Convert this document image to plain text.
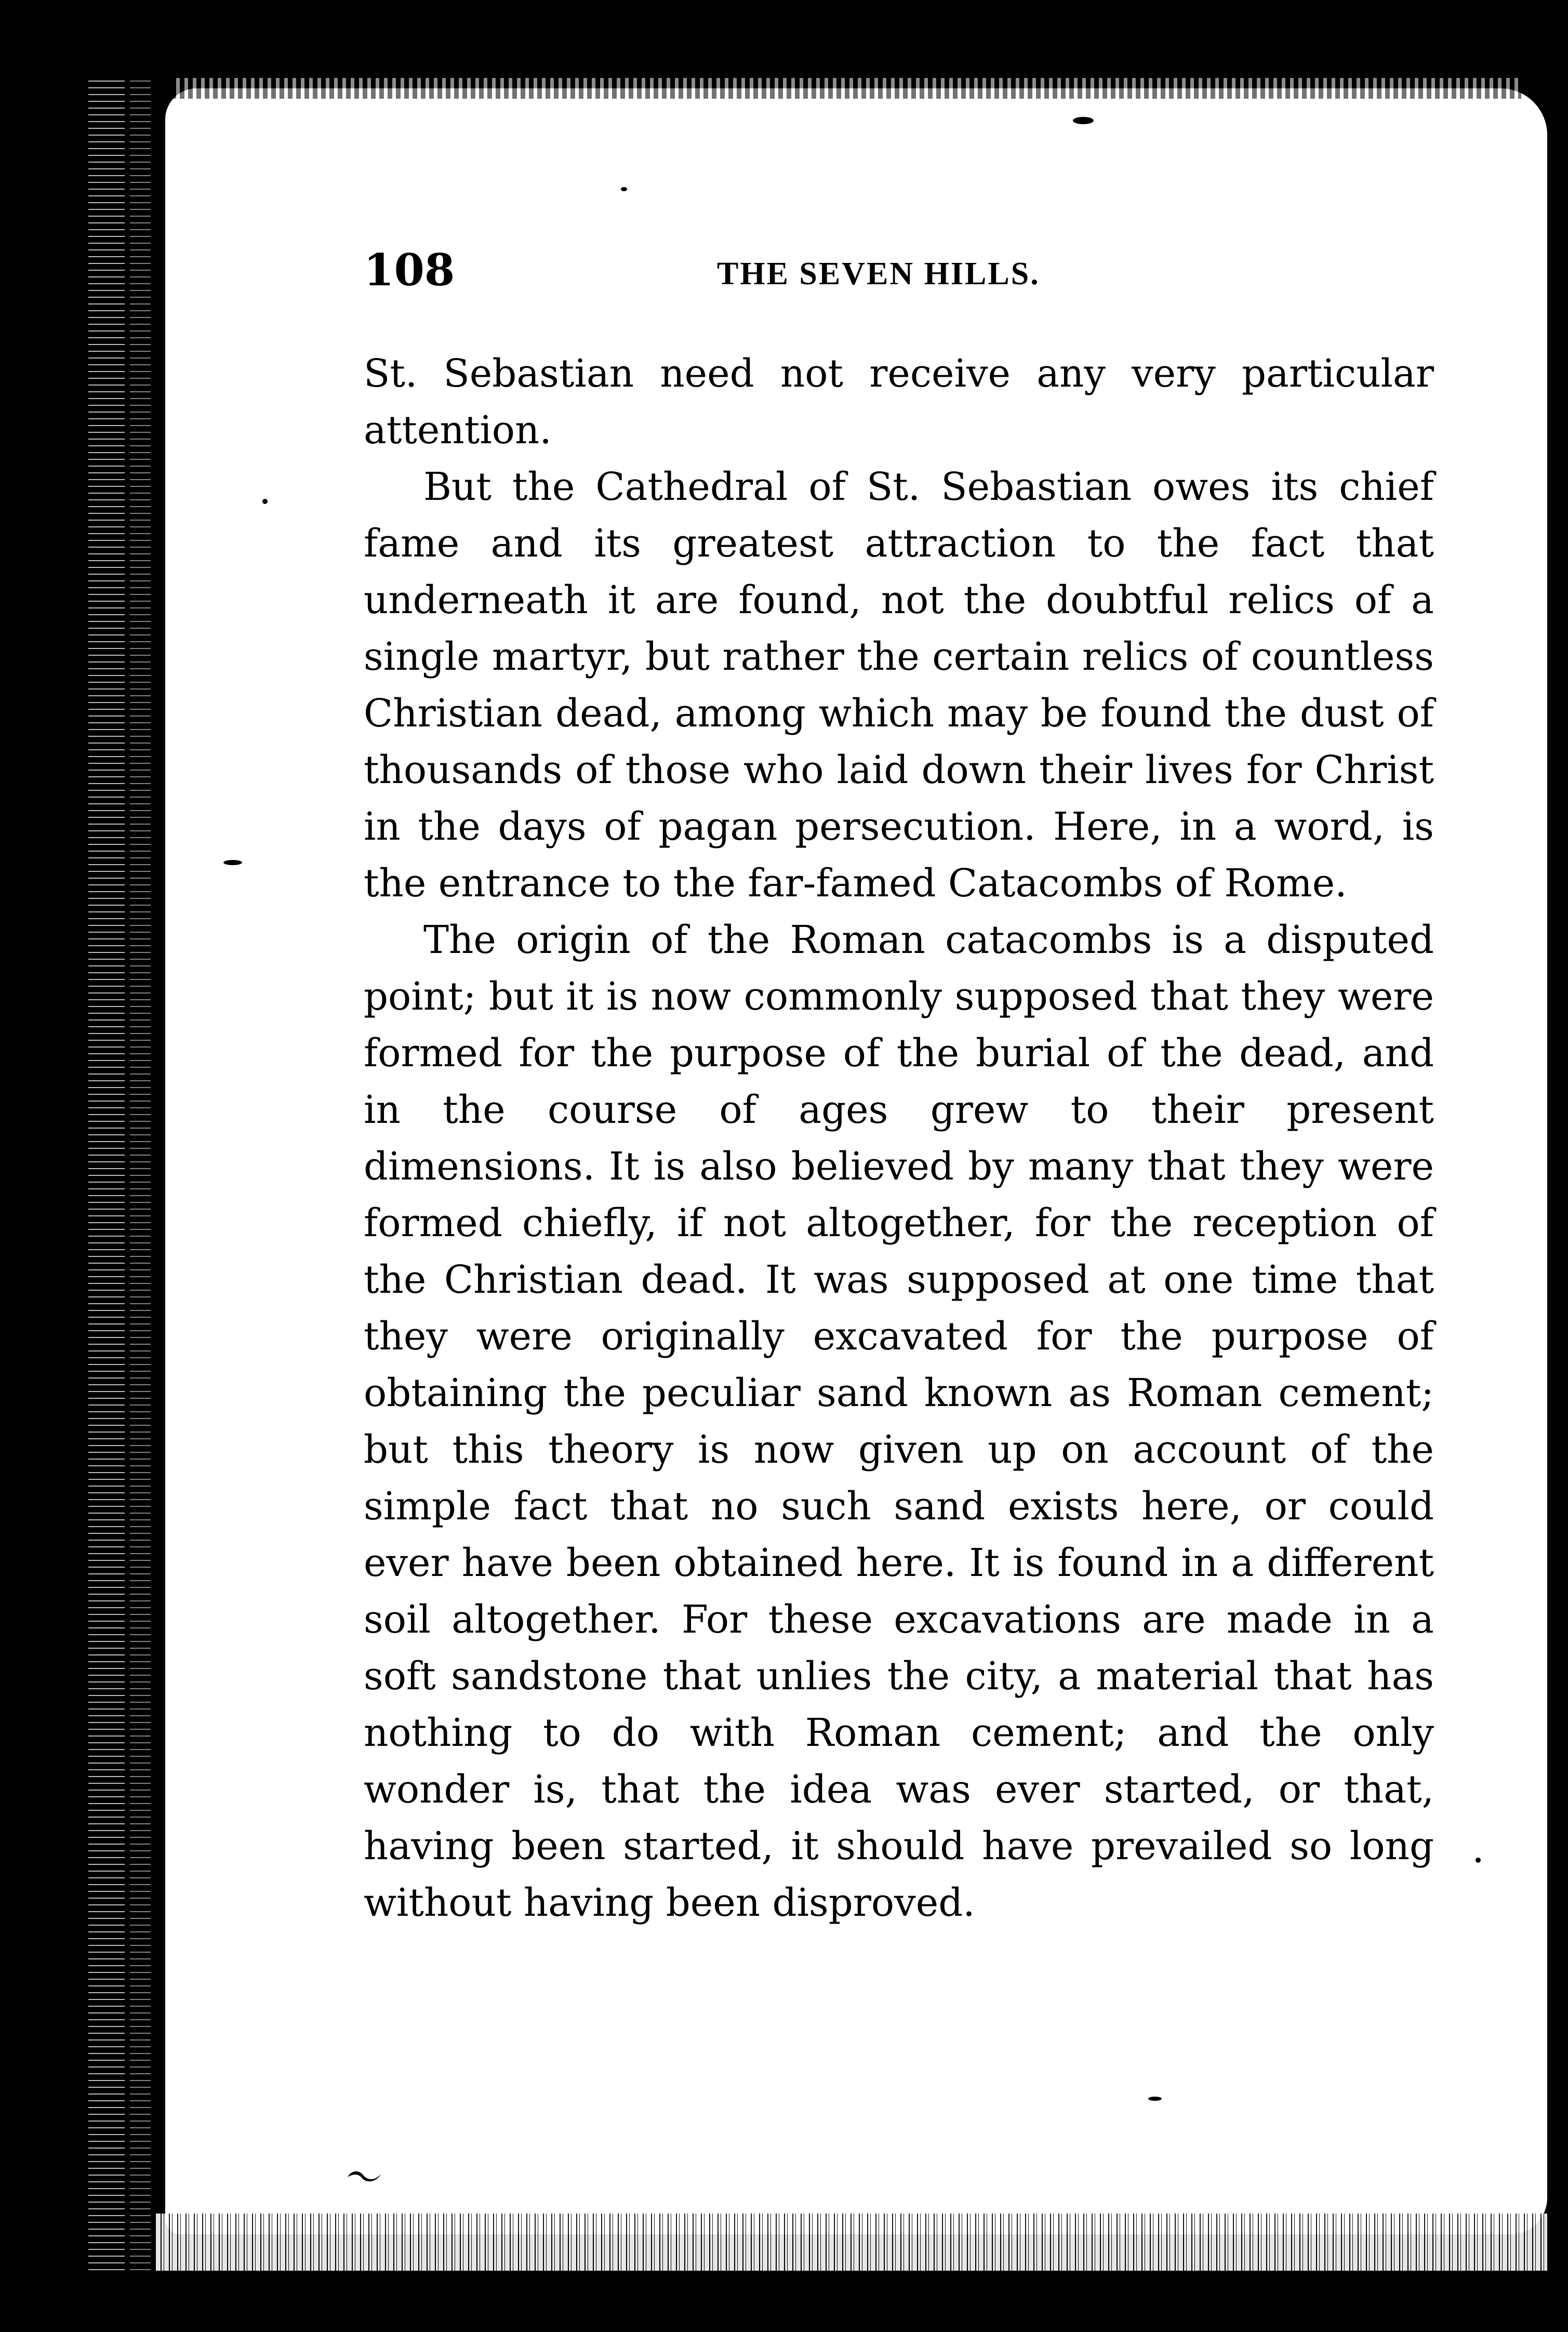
108	THE SEVEN HILLS.

St. Sebastian need not receive any very particular attention.

But the Cathedral of St. Sebastian owes its chief fame and its greatest attraction to the fact that underneath it are found, not the doubtful relics of a single martyr, but rather the certain relics of countless Christian dead, among which may be found the dust of thousands of those who laid down their lives for Christ in the days of pagan persecution. Here, in a word, is the entrance to the far-famed Catacombs of Rome.

The origin of the Roman catacombs is a disputed point; but it is now commonly supposed that they were formed for the purpose of the burial of the dead, and in the course of ages grew to their present dimensions. It is also believed by many that they were formed chiefly, if not altogether, for the reception of the Christian dead. It was supposed at one time that they were originally excavated for the purpose of obtaining the peculiar sand known as Roman cement; but this theory is now given up on account of the simple fact that no such sand exists here, or could ever have been obtained here. It is found in a different soil altogether. For these excavations are made in a soft sandstone that unlies the city, a material that has nothing to do with Roman cement; and the only wonder is, that the idea was ever started, or that, having been started, it should have prevailed so long without having been disproved.
